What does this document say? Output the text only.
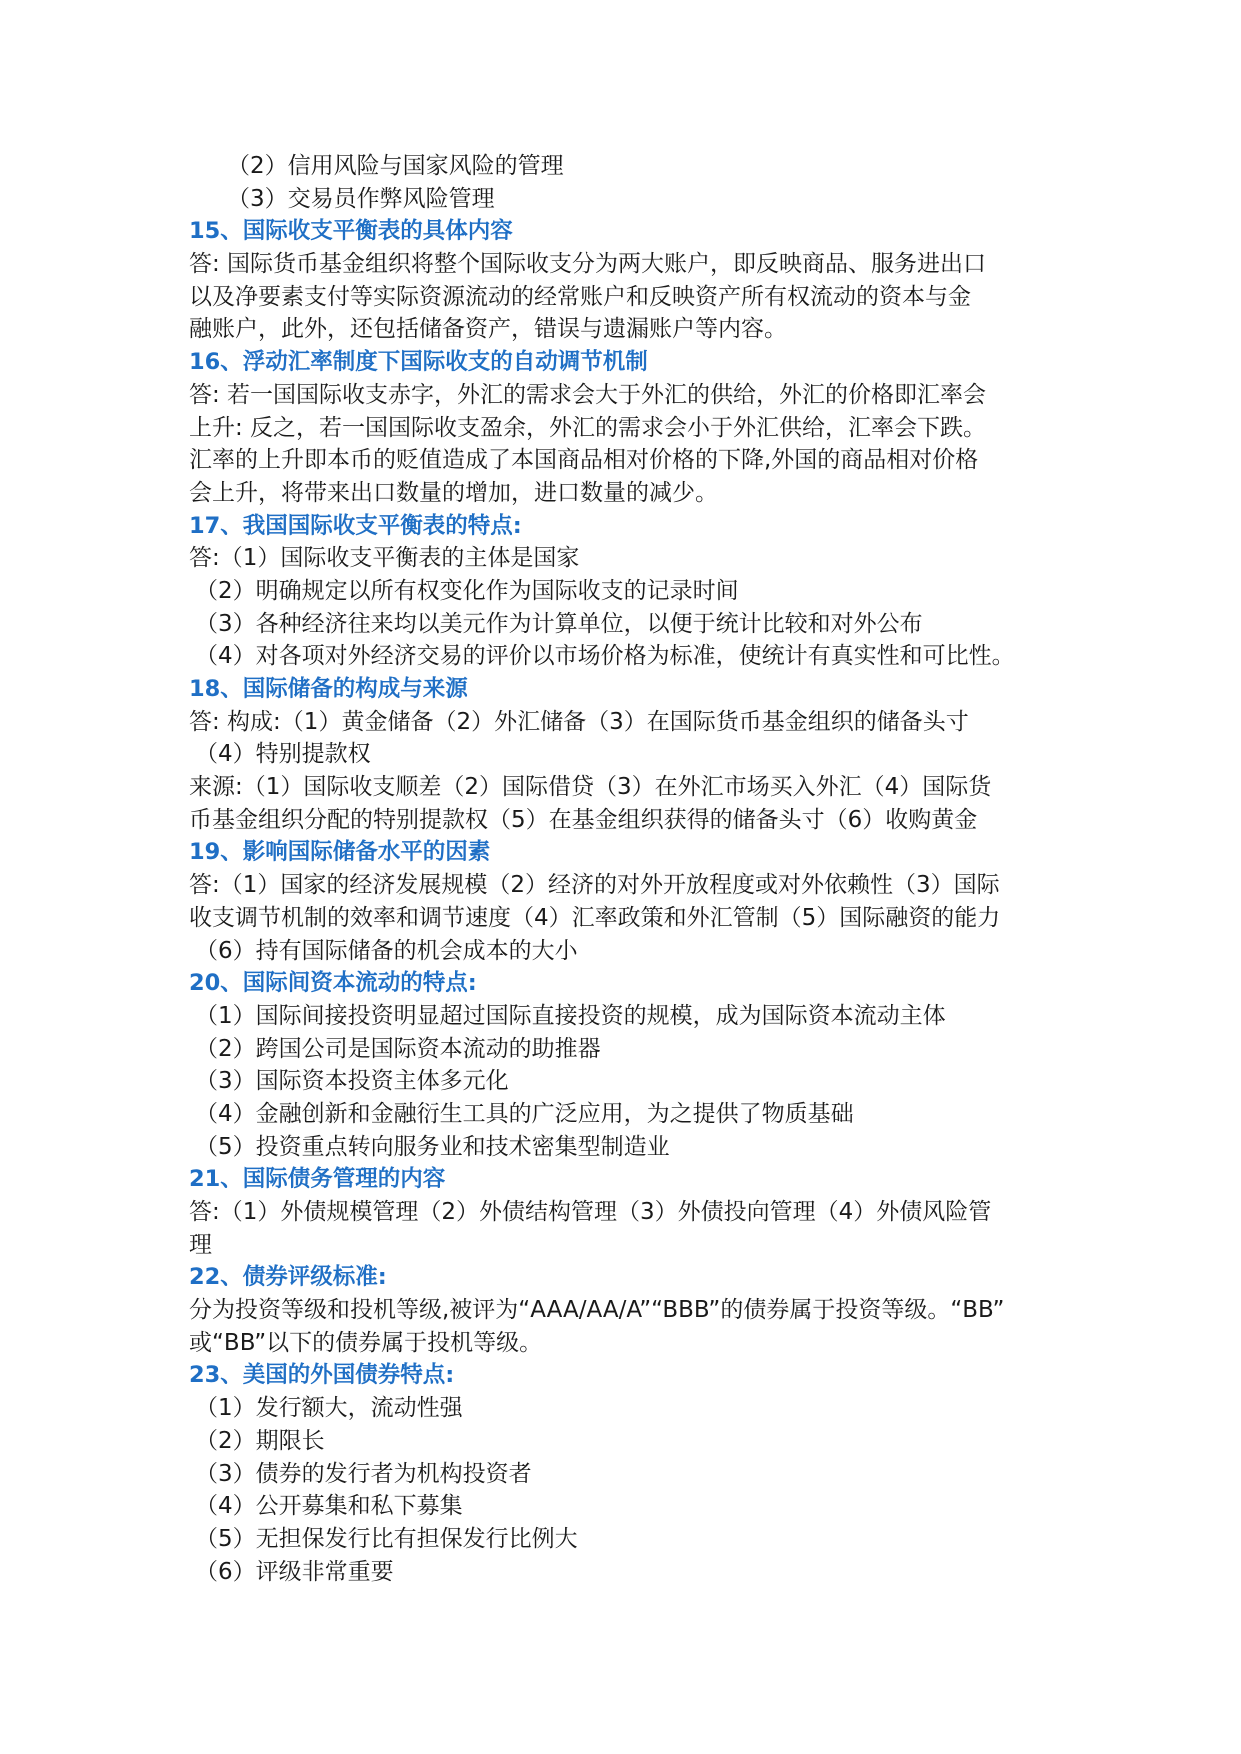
（2）信用风险与国家风险的管理
（3）交易员作弊风险管理
15、国际收支平衡表的具体内容
答: 国际货币基金组织将整个国际收支分为两大账户，即反映商品、服务进出口
以及净要素支付等实际资源流动的经常账户和反映资产所有权流动的资本与金
融账户，此外，还包括储备资产，错误与遗漏账户等内容。
16、浮动汇率制度下国际收支的自动调节机制
答: 若一国国际收支赤字，外汇的需求会大于外汇的供给，外汇的价格即汇率会
上升: 反之，若一国国际收支盈余，外汇的需求会小于外汇供给，汇率会下跌。
汇率的上升即本币的贬值造成了本国商品相对价格的下降,外国的商品相对价格
会上升，将带来出口数量的增加，进口数量的减少。
17、我国国际收支平衡表的特点:
答:（1）国际收支平衡表的主体是国家
（2）明确规定以所有权变化作为国际收支的记录时间
（3）各种经济往来均以美元作为计算单位，以便于统计比较和对外公布
（4）对各项对外经济交易的评价以市场价格为标准，使统计有真实性和可比性。
18、国际储备的构成与来源
答: 构成:（1）黄金储备（2）外汇储备（3）在国际货币基金组织的储备头寸
（4）特别提款权
来源:（1）国际收支顺差（2）国际借贷（3）在外汇市场买入外汇（4）国际货
币基金组织分配的特别提款权（5）在基金组织获得的储备头寸（6）收购黄金
19、影响国际储备水平的因素
答:（1）国家的经济发展规模（2）经济的对外开放程度或对外依赖性（3）国际
收支调节机制的效率和调节速度（4）汇率政策和外汇管制（5）国际融资的能力
（6）持有国际储备的机会成本的大小
20、国际间资本流动的特点:
（1）国际间接投资明显超过国际直接投资的规模，成为国际资本流动主体
（2）跨国公司是国际资本流动的助推器
（3）国际资本投资主体多元化
（4）金融创新和金融衍生工具的广泛应用，为之提供了物质基础
（5）投资重点转向服务业和技术密集型制造业
21、国际债务管理的内容
答:（1）外债规模管理（2）外债结构管理（3）外债投向管理（4）外债风险管
理
22、债券评级标准:
分为投资等级和投机等级,被评为“AAA/AA/A”“BBB”的债券属于投资等级。“BB”
或“BB”以下的债券属于投机等级。
23、美国的外国债券特点:
（1）发行额大，流动性强
（2）期限长
（3）债券的发行者为机构投资者
（4）公开募集和私下募集
（5）无担保发行比有担保发行比例大
（6）评级非常重要
